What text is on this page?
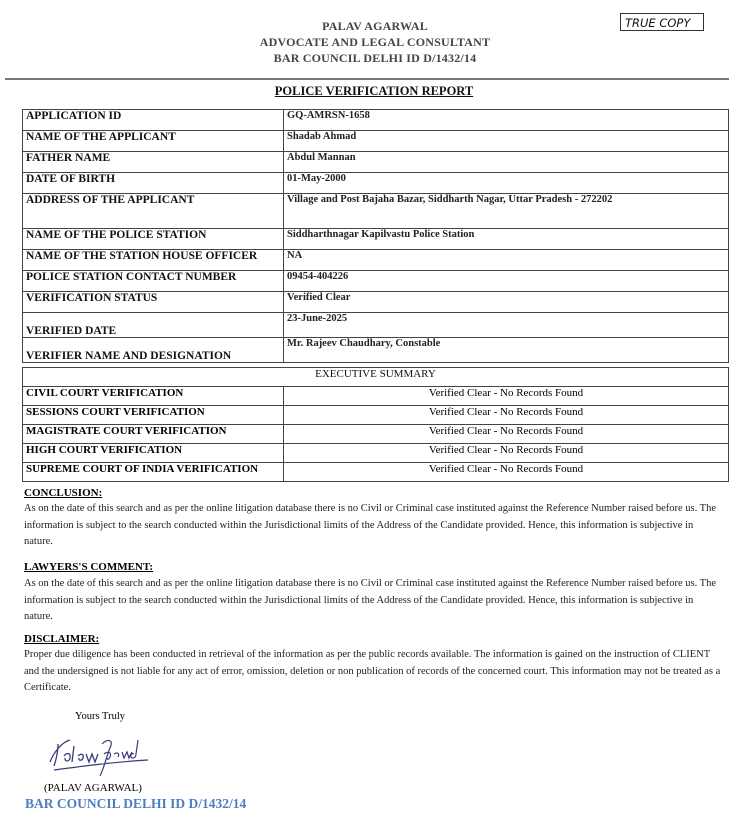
PALAV AGARWAL
ADVOCATE AND LEGAL CONSULTANT
BAR COUNCIL DELHI ID D/1432/14
TRUE COPY
POLICE VERIFICATION REPORT
APPLICATION ID	GQ-AMRSN-1658
NAME OF THE APPLICANT	Shadab Ahmad
FATHER NAME	Abdul Mannan
DATE OF BIRTH	01-May-2000
ADDRESS OF THE APPLICANT	Village and Post Bajaha Bazar, Siddharth Nagar, Uttar Pradesh - 272202
NAME OF THE POLICE STATION	Siddharthnagar Kapilvastu Police Station
NAME OF THE STATION HOUSE OFFICER	NA
POLICE STATION CONTACT NUMBER	09454-404226
VERIFICATION STATUS	Verified Clear
VERIFIED DATE	23-June-2025
VERIFIER NAME AND DESIGNATION	Mr. Rajeev Chaudhary, Constable
EXECUTIVE SUMMARY	
CIVIL COURT VERIFICATION	Verified Clear - No Records Found
SESSIONS COURT VERIFICATION	Verified Clear - No Records Found
MAGISTRATE COURT VERIFICATION	Verified Clear - No Records Found
HIGH COURT VERIFICATION	Verified Clear - No Records Found
SUPREME COURT OF INDIA VERIFICATION	Verified Clear - No Records Found
CONCLUSION:
As on the date of this search and as per the online litigation database there is no Civil or Criminal case instituted against the Reference Number raised before us. The information is subject to the search conducted within the Jurisdictional limits of the Address of the Candidate provided. Hence, this information is subjective in nature.
LAWYERS'S COMMENT:
As on the date of this search and as per the online litigation database there is no Civil or Criminal case instituted against the Reference Number raised before us. The information is subject to the search conducted within the Jurisdictional limits of the Address of the Candidate provided. Hence, this information is subjective in nature.
DISCLAIMER:
Proper due diligence has been conducted in retrieval of the information as per the public records available. The information is gained on the instruction of CLIENT and the undersigned is not liable for any act of error, omission, deletion or non publication of records of the concerned court. This information may not be treated as a Certificate.
Yours Truly
(PALAV AGARWAL)
BAR COUNCIL DELHI ID D/1432/14
